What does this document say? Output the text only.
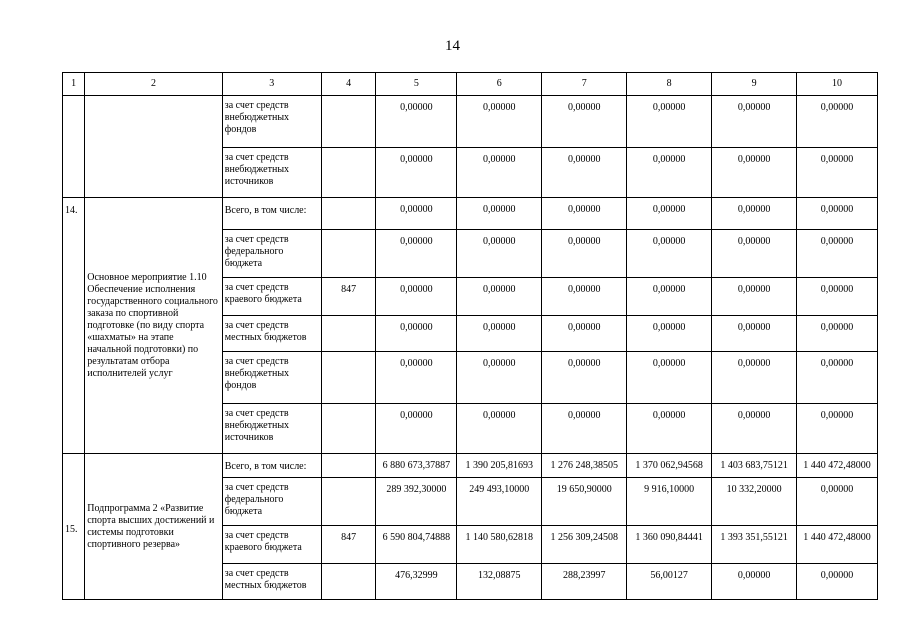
14
1	2	3	4	5	6	7	8	9	10
		за счет средств внебюджетных фондов		0,00000	0,00000	0,00000	0,00000	0,00000	0,00000
		за счет средств внебюджетных источников		0,00000	0,00000	0,00000	0,00000	0,00000	0,00000
14.	Основное мероприятие 1.10 Обеспечение исполнения государственного социального заказа по спортивной подготовке (по виду спорта «шахматы» на этапе начальной подготовки) по результатам отбора исполнителей услуг	Всего, в том числе:		0,00000	0,00000	0,00000	0,00000	0,00000	0,00000
		за счет средств федерального бюджета		0,00000	0,00000	0,00000	0,00000	0,00000	0,00000
		за счет средств краевого бюджета	847	0,00000	0,00000	0,00000	0,00000	0,00000	0,00000
		за счет средств местных бюджетов		0,00000	0,00000	0,00000	0,00000	0,00000	0,00000
		за счет средств внебюджетных фондов		0,00000	0,00000	0,00000	0,00000	0,00000	0,00000
		за счет средств внебюджетных источников		0,00000	0,00000	0,00000	0,00000	0,00000	0,00000
15.	Подпрограмма 2 «Развитие спорта высших достижений и системы подготовки спортивного резерва»	Всего, в том числе:		6 880 673,37887	1 390 205,81693	1 276 248,38505	1 370 062,94568	1 403 683,75121	1 440 472,48000
		за счет средств федерального бюджета		289 392,30000	249 493,10000	19 650,90000	9 916,10000	10 332,20000	0,00000
		за счет средств краевого бюджета	847	6 590 804,74888	1 140 580,62818	1 256 309,24508	1 360 090,84441	1 393 351,55121	1 440 472,48000
		за счет средств местных бюджетов		476,32999	132,08875	288,23997	56,00127	0,00000	0,00000
